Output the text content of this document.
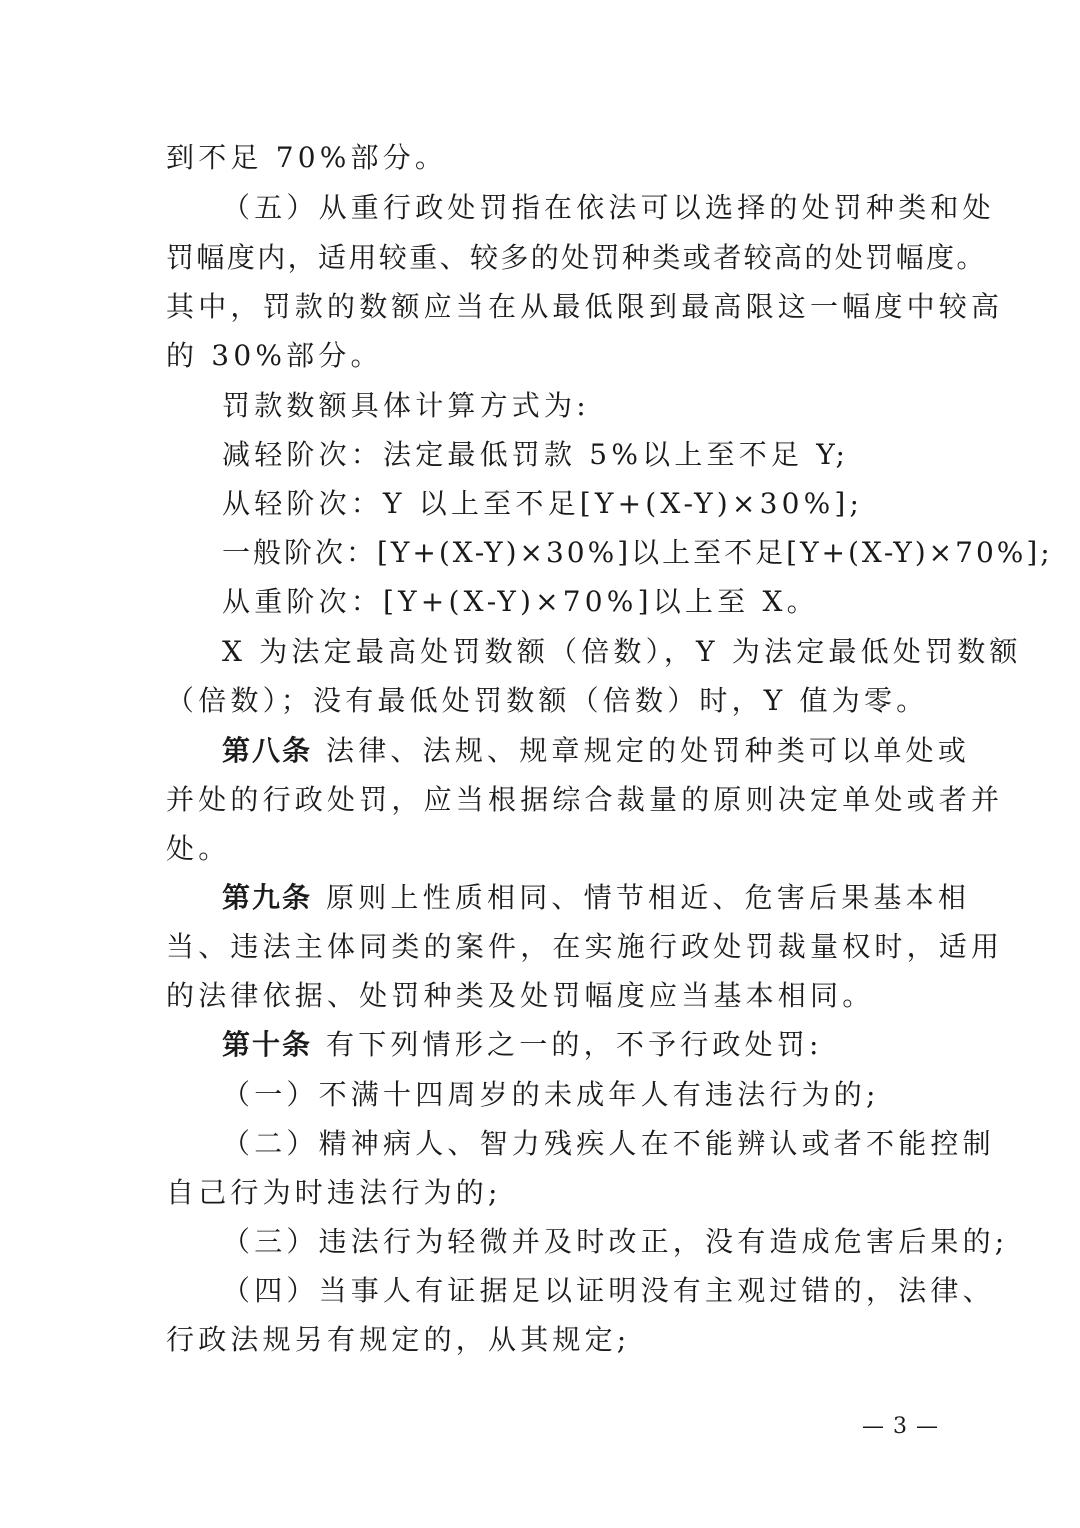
到不足 70%部分。
（五）从重行政处罚指在依法可以选择的处罚种类和处
罚幅度内，适用较重、较多的处罚种类或者较高的处罚幅度。
其中，罚款的数额应当在从最低限到最高限这一幅度中较高
的 30%部分。
罚款数额具体计算方式为:
减轻阶次：法定最低罚款 5%以上至不足 Y;
从轻阶次：Y 以上至不足[Y+(X-Y)×30%];
一般阶次：[Y+(X-Y)×30%]以上至不足[Y+(X-Y)×70%];
从重阶次：[Y+(X-Y)×70%]以上至 X。
X 为法定最高处罚数额（倍数），Y 为法定最低处罚数额
（倍数）；没有最低处罚数额（倍数）时，Y 值为零。
第八条 法律、法规、规章规定的处罚种类可以单处或
并处的行政处罚，应当根据综合裁量的原则决定单处或者并
处。
第九条 原则上性质相同、情节相近、危害后果基本相
当、违法主体同类的案件，在实施行政处罚裁量权时，适用
的法律依据、处罚种类及处罚幅度应当基本相同。
第十条 有下列情形之一的，不予行政处罚:
（一）不满十四周岁的未成年人有违法行为的;
（二）精神病人、智力残疾人在不能辨认或者不能控制
自己行为时违法行为的;
（三）违法行为轻微并及时改正，没有造成危害后果的;
（四）当事人有证据足以证明没有主观过错的，法律、
行政法规另有规定的，从其规定;
— 3 —
